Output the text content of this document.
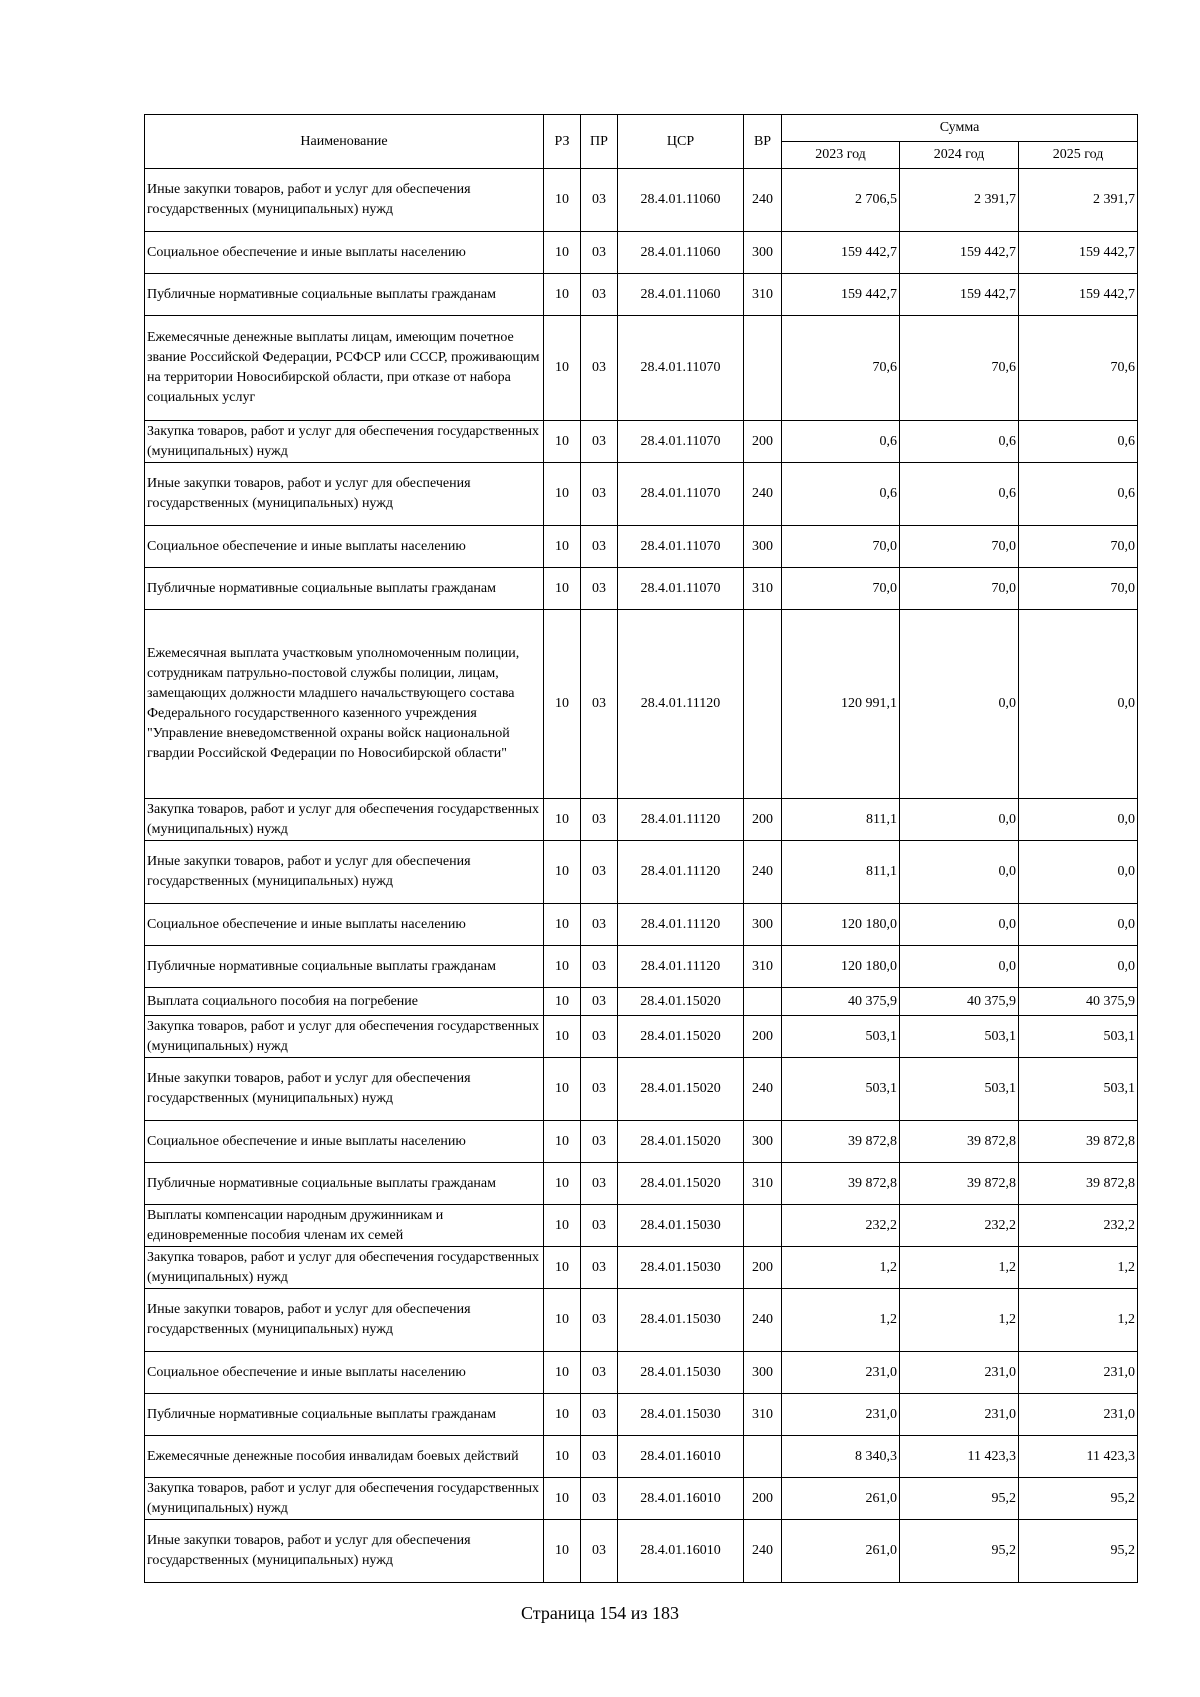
Наименование	РЗ	ПР	ЦСР	ВР	Сумма		
					2023 год	2024 год	2025 год
Иные закупки товаров, работ и услуг для обеспечения государственных (муниципальных) нужд	10	03	28.4.01.11060	240	2 706,5	2 391,7	2 391,7
Социальное обеспечение и иные выплаты населению	10	03	28.4.01.11060	300	159 442,7	159 442,7	159 442,7
Публичные нормативные социальные выплаты гражданам	10	03	28.4.01.11060	310	159 442,7	159 442,7	159 442,7
Ежемесячные денежные выплаты лицам, имеющим почетное звание Российской Федерации, РСФСР или СССР, проживающим на территории Новосибирской области, при отказе от набора социальных услуг	10	03	28.4.01.11070		70,6	70,6	70,6
Закупка товаров, работ и услуг для обеспечения государственных (муниципальных) нужд	10	03	28.4.01.11070	200	0,6	0,6	0,6
Иные закупки товаров, работ и услуг для обеспечения государственных (муниципальных) нужд	10	03	28.4.01.11070	240	0,6	0,6	0,6
Социальное обеспечение и иные выплаты населению	10	03	28.4.01.11070	300	70,0	70,0	70,0
Публичные нормативные социальные выплаты гражданам	10	03	28.4.01.11070	310	70,0	70,0	70,0
Ежемесячная выплата участковым уполномоченным полиции, сотрудникам патрульно-постовой службы полиции, лицам, замещающих должности младшего начальствующего состава Федерального государственного казенного учреждения "Управление вневедомственной охраны войск национальной гвардии Российской Федерации по Новосибирской области"	10	03	28.4.01.11120		120 991,1	0,0	0,0
Закупка товаров, работ и услуг для обеспечения государственных (муниципальных) нужд	10	03	28.4.01.11120	200	811,1	0,0	0,0
Иные закупки товаров, работ и услуг для обеспечения государственных (муниципальных) нужд	10	03	28.4.01.11120	240	811,1	0,0	0,0
Социальное обеспечение и иные выплаты населению	10	03	28.4.01.11120	300	120 180,0	0,0	0,0
Публичные нормативные социальные выплаты гражданам	10	03	28.4.01.11120	310	120 180,0	0,0	0,0
Выплата социального пособия на погребение	10	03	28.4.01.15020		40 375,9	40 375,9	40 375,9
Закупка товаров, работ и услуг для обеспечения государственных (муниципальных) нужд	10	03	28.4.01.15020	200	503,1	503,1	503,1
Иные закупки товаров, работ и услуг для обеспечения государственных (муниципальных) нужд	10	03	28.4.01.15020	240	503,1	503,1	503,1
Социальное обеспечение и иные выплаты населению	10	03	28.4.01.15020	300	39 872,8	39 872,8	39 872,8
Публичные нормативные социальные выплаты гражданам	10	03	28.4.01.15020	310	39 872,8	39 872,8	39 872,8
Выплаты компенсации народным дружинникам и единовременные пособия членам их семей	10	03	28.4.01.15030		232,2	232,2	232,2
Закупка товаров, работ и услуг для обеспечения государственных (муниципальных) нужд	10	03	28.4.01.15030	200	1,2	1,2	1,2
Иные закупки товаров, работ и услуг для обеспечения государственных (муниципальных) нужд	10	03	28.4.01.15030	240	1,2	1,2	1,2
Социальное обеспечение и иные выплаты населению	10	03	28.4.01.15030	300	231,0	231,0	231,0
Публичные нормативные социальные выплаты гражданам	10	03	28.4.01.15030	310	231,0	231,0	231,0
Ежемесячные денежные пособия инвалидам боевых действий	10	03	28.4.01.16010		8 340,3	11 423,3	11 423,3
Закупка товаров, работ и услуг для обеспечения государственных (муниципальных) нужд	10	03	28.4.01.16010	200	261,0	95,2	95,2
Иные закупки товаров, работ и услуг для обеспечения государственных (муниципальных) нужд	10	03	28.4.01.16010	240	261,0	95,2	95,2
Страница 154 из 183
